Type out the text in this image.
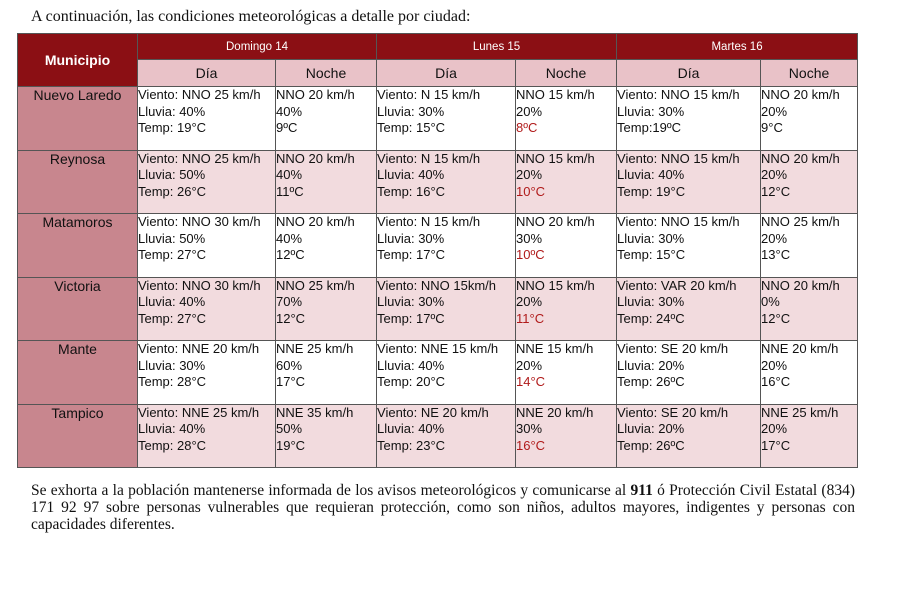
A continuación, las condiciones meteorológicas a detalle por ciudad:
Municipio	Domingo 14		Lunes 15		Martes 16	
	Día	Noche	Día	Noche	Día	Noche
Nuevo Laredo	Viento: NNO 25 km/h
Lluvia: 40%
Temp: 19°C	NNO 20 km/h
40%
9ºC	Viento: N 15 km/h
Lluvia: 30%
Temp: 15°C	NNO 15 km/h
20%
8ºC	Viento: NNO 15 km/h
Lluvia: 30%
Temp:19ºC	NNO 20 km/h
20%
9°C

Reynosa	Viento: NNO 25 km/h
Lluvia: 50%
Temp: 26°C	NNO 20 km/h
40%
11ºC	Viento: N 15 km/h
Lluvia: 40%
Temp: 16°C	NNO 15 km/h
20%
10°C	Viento: NNO 15 km/h
Lluvia: 40%
Temp: 19°C	NNO 20 km/h
20%
12°C

Matamoros	Viento: NNO 30 km/h
Lluvia: 50%
Temp: 27°C	NNO 20 km/h
40%
12ºC	Viento: N 15 km/h
Lluvia: 30%
Temp: 17°C	NNO 20 km/h
30%
10ºC	Viento: NNO 15 km/h
Lluvia: 30%
Temp: 15°C	NNO 25 km/h
20%
13°C

Victoria	Viento: NNO 30 km/h
Lluvia: 40%
Temp: 27°C	NNO 25 km/h
70%
12°C	Viento: NNO 15km/h
Lluvia: 30%
Temp: 17ºC	NNO 15 km/h
20%
11°C	Viento: VAR 20 km/h
Lluvia: 30%
Temp: 24ºC	NNO 20 km/h
0%
12°C

Mante	Viento: NNE 20 km/h
Lluvia: 30%
Temp: 28°C	NNE 25 km/h
60%
17°C	Viento: NNE 15 km/h
Lluvia: 40%
Temp: 20°C	NNE 15 km/h
20%
14°C	Viento: SE 20 km/h
Lluvia: 20%
Temp: 26ºC	NNE 20 km/h
20%
16°C

Tampico	Viento: NNE 25 km/h
Lluvia: 40%
Temp: 28°C	NNE 35 km/h
50%
19°C	Viento: NE 20 km/h
Lluvia: 40%
Temp: 23°C	NNE 20 km/h
30%
16°C	Viento: SE 20 km/h
Lluvia: 20%
Temp: 26ºC	NNE 25 km/h
20%
17°C
Se exhorta a la población mantenerse informada de los avisos meteorológicos y comunicarse al 911 ó Protección Civil Estatal (834) 171 92 97 sobre personas vulnerables que requieran protección, como son niños, adultos mayores, indigentes y personas con capacidades diferentes.
